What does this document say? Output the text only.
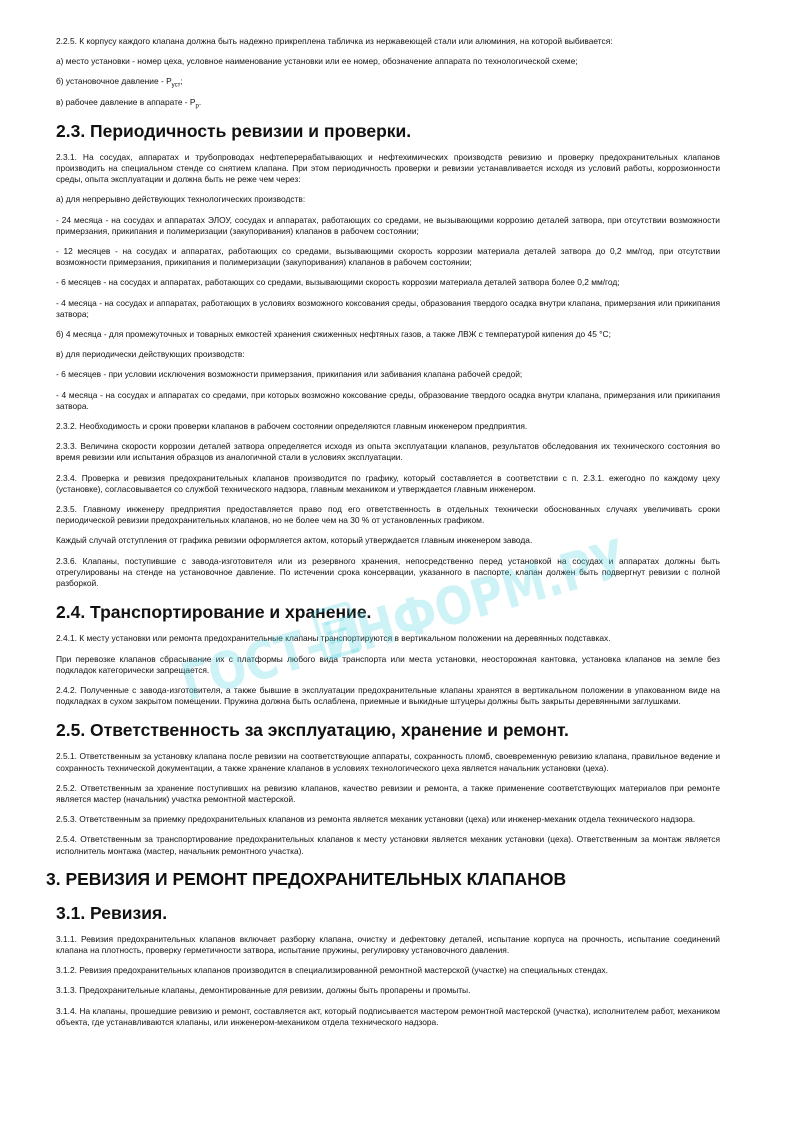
2.2.5. К корпусу каждого клапана должна быть надежно прикреплена табличка из нержавеющей стали или алюминия, на которой выбивается:

а) место установки - номер цеха, условное наименование установки или ее номер, обозначение аппарата по технологической схеме;

б) установочное давление - $Р_{уст}$;

в) рабочее давление в аппарате - $Р_р$.

2.3. Периодичность ревизии и проверки.

2.3.1. На сосудах, аппаратах и трубопроводах нефтеперерабатывающих и нефтехимических производств ревизию и проверку предохранительных клапанов производить на специальном стенде со снятием клапана. При этом периодичность проверки и ревизии устанавливается исходя из условий работы, коррозионности среды, опыта эксплуатации и должна быть не реже чем через:

а) для непрерывно действующих технологических производств:

- 24 месяца - на сосудах и аппаратах ЭЛОУ, сосудах и аппаратах, работающих со средами, не вызывающими коррозию деталей затвора, при отсутствии возможности примерзания, прикипания и полимеризации (закупоривания) клапанов в рабочем состоянии;

- 12 месяцев - на сосудах и аппаратах, работающих со средами, вызывающими скорость коррозии материала деталей затвора до 0,2 мм/год, при отсутствии возможности примерзания, прикипания и полимеризации (закупоривания) клапанов в рабочем состоянии;

- 6 месяцев - на сосудах и аппаратах, работающих со средами, вызывающими скорость коррозии материала деталей затвора более 0,2 мм/год;

- 4 месяца - на сосудах и аппаратах, работающих в условиях возможного коксования среды, образования твердого осадка внутри клапана, примерзания или прикипания затвора;

б) 4 месяца - для промежуточных и товарных емкостей хранения сжиженных нефтяных газов, а также ЛВЖ с температурой кипения до 45 °С;

в) для периодически действующих производств:

- 6 месяцев - при условии исключения возможности примерзания, прикипания или забивания клапана рабочей средой;

- 4 месяца - на сосудах и аппаратах со средами, при которых возможно коксование среды, образование твердого осадка внутри клапана, примерзания или прикипания затвора.

2.3.2. Необходимость и сроки проверки клапанов в рабочем состоянии определяются главным инженером предприятия.

2.3.3. Величина скорости коррозии деталей затвора определяется исходя из опыта эксплуатации клапанов, результатов обследования их технического состояния во время ревизии или испытания образцов из аналогичной стали в условиях эксплуатации.

2.3.4. Проверка и ревизия предохранительных клапанов производится по графику, который составляется в соответствии с п. 2.3.1. ежегодно по каждому цеху (установке), согласовывается со службой технического надзора, главным механиком и утверждается главным инженером.

2.3.5. Главному инженеру предприятия предоставляется право под его ответственность в отдельных технически обоснованных случаях увеличивать сроки периодической ревизии предохранительных клапанов, но не более чем на 30 % от установленных графиком.

Каждый случай отступления от графика ревизии оформляется актом, который утверждается главным инженером завода.

2.3.6. Клапаны, поступившие с завода-изготовителя или из резервного хранения, непосредственно перед установкой на сосудах и аппаратах должны быть отрегулированы на стенде на установочное давление. По истечении срока консервации, указанного в паспорте, клапан должен быть подвергнут ревизии с полной разборкой.

2.4. Транспортирование и хранение.

2.4.1. К месту установки или ремонта предохранительные клапаны транспортируются в вертикальном положении на деревянных подставках.

При перевозке клапанов сбрасывание их с платформы любого вида транспорта или места установки, неосторожная кантовка, установка клапанов на земле без подкладок категорически запрещается.

2.4.2. Полученные с завода-изготовителя, а также бывшие в эксплуатации предохранительные клапаны хранятся в вертикальном положении в упакованном виде на подкладках в сухом закрытом помещении. Пружина должна быть ослаблена, приемные и выкидные штуцеры должны быть закрыты деревянными заглушками.

2.5. Ответственность за эксплуатацию, хранение и ремонт.

2.5.1. Ответственным за установку клапана после ревизии на соответствующие аппараты, сохранность пломб, своевременную ревизию клапана, правильное ведение и сохранность технической документации, а также хранение клапанов в условиях технологического цеха является начальник установки (цеха).

2.5.2. Ответственным за хранение поступивших на ревизию клапанов, качество ревизии и ремонта, а также применение соответствующих материалов при ремонте является мастер (начальник) участка ремонтной мастерской.

2.5.3. Ответственным за приемку предохранительных клапанов из ремонта является механик установки (цеха) или инженер-механик отдела технического надзора.

2.5.4. Ответственным за транспортирование предохранительных клапанов к месту установки является механик установки (цеха). Ответственным за монтаж является исполнитель монтажа (мастер, начальник ремонтного участка).

3. РЕВИЗИЯ И РЕМОНТ ПРЕДОХРАНИТЕЛЬНЫХ КЛАПАНОВ
3.1. Ревизия.

3.1.1. Ревизия предохранительных клапанов включает разборку клапана, очистку и дефектовку деталей, испытание корпуса на прочность, испытание соединений клапана на плотность, проверку герметичности затвора, испытание пружины, регулировку установочного давления.

3.1.2. Ревизия предохранительных клапанов производится в специализированной ремонтной мастерской (участке) на специальных стендах.

3.1.3. Предохранительные клапаны, демонтированные для ревизии, должны быть пропарены и промыты.

3.1.4. На клапаны, прошедшие ревизию и ремонт, составляется акт, который подписывается мастером ремонтной мастерской (участка), исполнителем работ, механиком объекта, где устанавливаются клапаны, или инженером-механиком отдела технического надзора.

ГОСТ-ИНФОРМ.РУ
